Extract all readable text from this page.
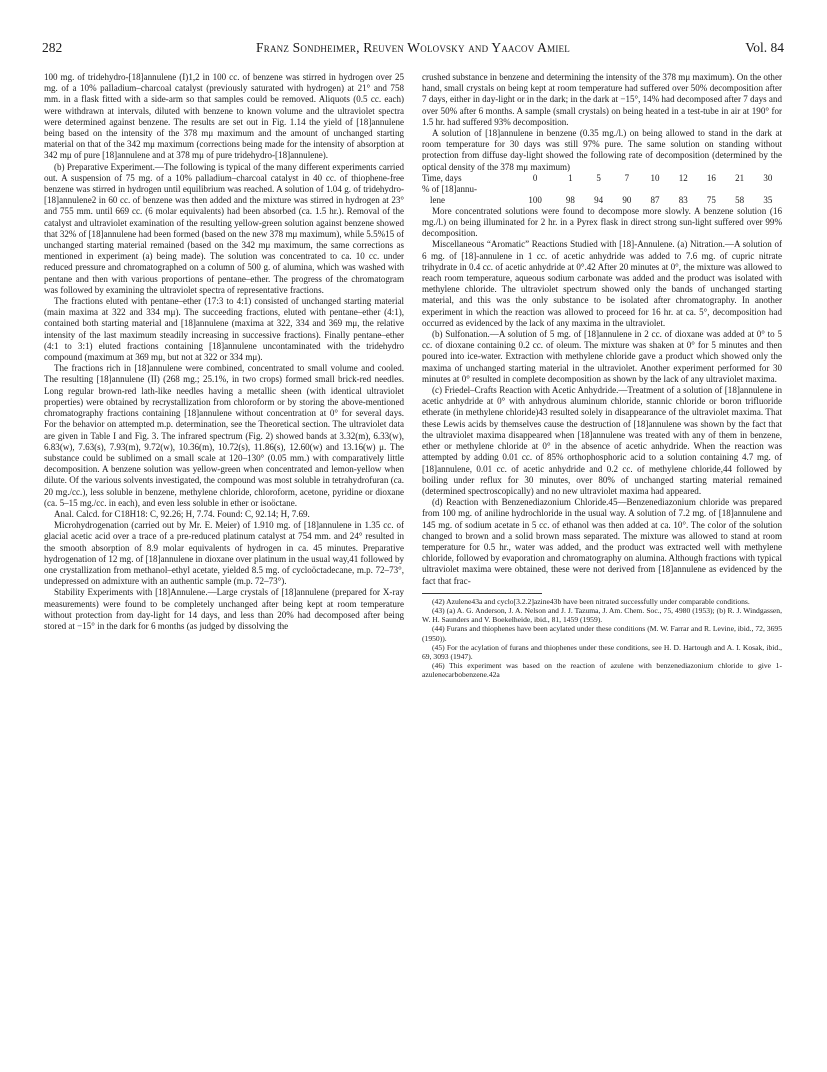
282	Franz Sondheimer, Reuven Wolovsky and Yaacov Amiel	Vol. 84

100 mg. of tridehydro-[18]annulene (I)1,2 in 100 cc. of benzene was stirred in hydrogen over 25 mg. of a 10% palladium–charcoal catalyst (previously saturated with hydrogen) at 21° and 758 mm. in a flask fitted with a side-arm so that samples could be removed. Aliquots (0.5 cc. each) were withdrawn at intervals, diluted with benzene to known volume and the ultraviolet spectra were determined against benzene. The results are set out in Fig. 1.14 the yield of [18]annulene being based on the intensity of the 378 mμ maximum and the amount of unchanged starting material on that of the 342 mμ maximum (corrections being made for the intensity of absorption at 342 mμ of pure [18]annulene and at 378 mμ of pure tridehydro-[18]annulene).

(b) Preparative Experiment.—The following is typical of the many different experiments carried out. A suspension of 75 mg. of a 10% palladium–charcoal catalyst in 40 cc. of thiophene-free benzene was stirred in hydrogen until equilibrium was reached. A solution of 1.04 g. of tridehydro-[18]annulene2 in 60 cc. of benzene was then added and the mixture was stirred in hydrogen at 23° and 755 mm. until 669 cc. (6 molar equivalents) had been absorbed (ca. 1.5 hr.). Removal of the catalyst and ultraviolet examination of the resulting yellow-green solution against benzene showed that 32% of [18]annulene had been formed (based on the new 378 mμ maximum), while 5.5%15 of unchanged starting material remained (based on the 342 mμ maximum, the same corrections as mentioned in experiment (a) being made). The solution was concentrated to ca. 10 cc. under reduced pressure and chromatographed on a column of 500 g. of alumina, which was washed with pentane and then with various proportions of pentane–ether. The progress of the chromatogram was followed by examining the ultraviolet spectra of representative fractions.

The fractions eluted with pentane–ether (17:3 to 4:1) consisted of unchanged starting material (main maxima at 322 and 334 mμ). The succeeding fractions, eluted with pentane–ether (4:1), contained both starting material and [18]annulene (maxima at 322, 334 and 369 mμ, the relative intensity of the last maximum steadily increasing in successive fractions). Finally pentane–ether (4:1 to 3:1) eluted fractions containing [18]annulene uncontaminated with the tridehydro compound (maximum at 369 mμ, but not at 322 or 334 mμ).

The fractions rich in [18]annulene were combined, concentrated to small volume and cooled. The resulting [18]annulene (II) (268 mg.; 25.1%, in two crops) formed small brick-red needles. Long regular brown-red lath-like needles having a metallic sheen (with identical ultraviolet properties) were obtained by recrystallization from chloroform or by storing the above-mentioned chromatography fractions containing [18]annulene without concentration at 0° for several days. For the behavior on attempted m.p. determination, see the Theoretical section. The ultraviolet data are given in Table I and Fig. 3. The infrared spectrum (Fig. 2) showed bands at 3.32(m), 6.33(w), 6.83(w), 7.63(s), 7.93(m), 9.72(w), 10.36(m), 10.72(s), 11.86(s), 12.60(w) and 13.16(w) μ. The substance could be sublimed on a small scale at 120–130° (0.05 mm.) with comparatively little decomposition. A benzene solution was yellow-green when concentrated and lemon-yellow when dilute. Of the various solvents investigated, the compound was most soluble in tetrahydrofuran (ca. 20 mg./cc.), less soluble in benzene, methylene chloride, chloroform, acetone, pyridine or dioxane (ca. 5–15 mg./cc. in each), and even less soluble in ether or isoöctane.

Anal. Calcd. for C18H18: C, 92.26; H, 7.74. Found: C, 92.14; H, 7.69.

Microhydrogenation (carried out by Mr. E. Meier) of 1.910 mg. of [18]annulene in 1.35 cc. of glacial acetic acid over a trace of a pre-reduced platinum catalyst at 754 mm. and 24° resulted in the smooth absorption of 8.9 molar equivalents of hydrogen in ca. 45 minutes. Preparative hydrogenation of 12 mg. of [18]annulene in dioxane over platinum in the usual way,41 followed by one crystallization from methanol–ethyl acetate, yielded 8.5 mg. of cycloöctadecane, m.p. 72–73°, undepressed on admixture with an authentic sample (m.p. 72–73°).

Stability Experiments with [18]Annulene.—Large crystals of [18]annulene (prepared for X-ray measurements) were found to be completely unchanged after being kept at room temperature without protection from day-light for 14 days, and less than 20% had decomposed after being stored at −15° in the dark for 6 months (as judged by dissolving the

crushed substance in benzene and determining the intensity of the 378 mμ maximum). On the other hand, small crystals on being kept at room temperature had suffered over 50% decomposition after 7 days, either in day-light or in the dark; in the dark at −15°, 14% had decomposed after 7 days and over 50% after 6 months. A sample (small crystals) on being heated in a test-tube in air at 190° for 1.5 hr. had suffered 93% decomposition.

A solution of [18]annulene in benzene (0.35 mg./l.) on being allowed to stand in the dark at room temperature for 30 days was still 97% pure. The same solution on standing without protection from diffuse day-light showed the following rate of decomposition (determined by the optical density of the 378 mμ maximum)

Time, days	0	1	5	7	10	12	16	21	30
% of [18]annu-									
lene	100	98	94	90	87	83	75	58	35

More concentrated solutions were found to decompose more slowly. A benzene solution (16 mg./l.) on being illuminated for 2 hr. in a Pyrex flask in direct strong sun-light suffered over 99% decomposition.

Miscellaneous “Aromatic” Reactions Studied with [18]-Annulene. (a) Nitration.—A solution of 6 mg. of [18]-annulene in 1 cc. of acetic anhydride was added to 7.6 mg. of cupric nitrate trihydrate in 0.4 cc. of acetic anhydride at 0°.42 After 20 minutes at 0°, the mixture was allowed to reach room temperature, aqueous sodium carbonate was added and the product was isolated with methylene chloride. The ultraviolet spectrum showed only the bands of unchanged starting material, and this was the only substance to be isolated after chromatography. In another experiment in which the reaction was allowed to proceed for 16 hr. at ca. 5°, decomposition had occurred as evidenced by the lack of any maxima in the ultraviolet.

(b) Sulfonation.—A solution of 5 mg. of [18]annulene in 2 cc. of dioxane was added at 0° to 5 cc. of dioxane containing 0.2 cc. of oleum. The mixture was shaken at 0° for 5 minutes and then poured into ice-water. Extraction with methylene chloride gave a product which showed only the maxima of unchanged starting material in the ultraviolet. Another experiment performed for 30 minutes at 0° resulted in complete decomposition as shown by the lack of any ultraviolet maxima.

(c) Friedel–Crafts Reaction with Acetic Anhydride.—Treatment of a solution of [18]annulene in acetic anhydride at 0° with anhydrous aluminum chloride, stannic chloride or boron trifluoride etherate (in methylene chloride)43 resulted solely in disappearance of the ultraviolet maxima. That these Lewis acids by themselves cause the destruction of [18]annulene was shown by the fact that the ultraviolet maxima disappeared when [18]annulene was treated with any of them in benzene, ether or methylene chloride at 0° in the absence of acetic anhydride. When the reaction was attempted by adding 0.01 cc. of 85% orthophosphoric acid to a solution containing 4.7 mg. of [18]annulene, 0.01 cc. of acetic anhydride and 0.2 cc. of methylene chloride,44 followed by boiling under reflux for 30 minutes, over 80% of unchanged starting material remained (determined spectroscopically) and no new ultraviolet maxima had appeared.

(d) Reaction with Benzenediazonium Chloride.45—Benzenediazonium chloride was prepared from 100 mg. of aniline hydrochloride in the usual way. A solution of 7.2 mg. of [18]annulene and 145 mg. of sodium acetate in 5 cc. of ethanol was then added at ca. 10°. The color of the solution changed to brown and a solid brown mass separated. The mixture was allowed to stand at room temperature for 0.5 hr., water was added, and the product was extracted well with methylene chloride, followed by evaporation and chromatography on alumina. Although fractions with typical ultraviolet maxima were obtained, these were not derived from [18]annulene as evidenced by the fact that frac-

(42) Azulene43a and cyclo[3.2.2]azine43b have been nitrated successfully under comparable conditions.

(43) (a) A. G. Anderson, J. A. Nelson and J. J. Tazuma, J. Am. Chem. Soc., 75, 4980 (1953); (b) R. J. Windgassen, W. H. Saunders and V. Boekelheide, ibid., 81, 1459 (1959).

(44) Furans and thiophenes have been acylated under these conditions (M. W. Farrar and R. Levine, ibid., 72, 3695 (1950)).

(45) For the acylation of furans and thiophenes under these conditions, see H. D. Hartough and A. I. Kosak, ibid., 69, 3093 (1947).

(46) This experiment was based on the reaction of azulene with benzenediazonium chloride to give 1-azulenecarbobenzene.42a
